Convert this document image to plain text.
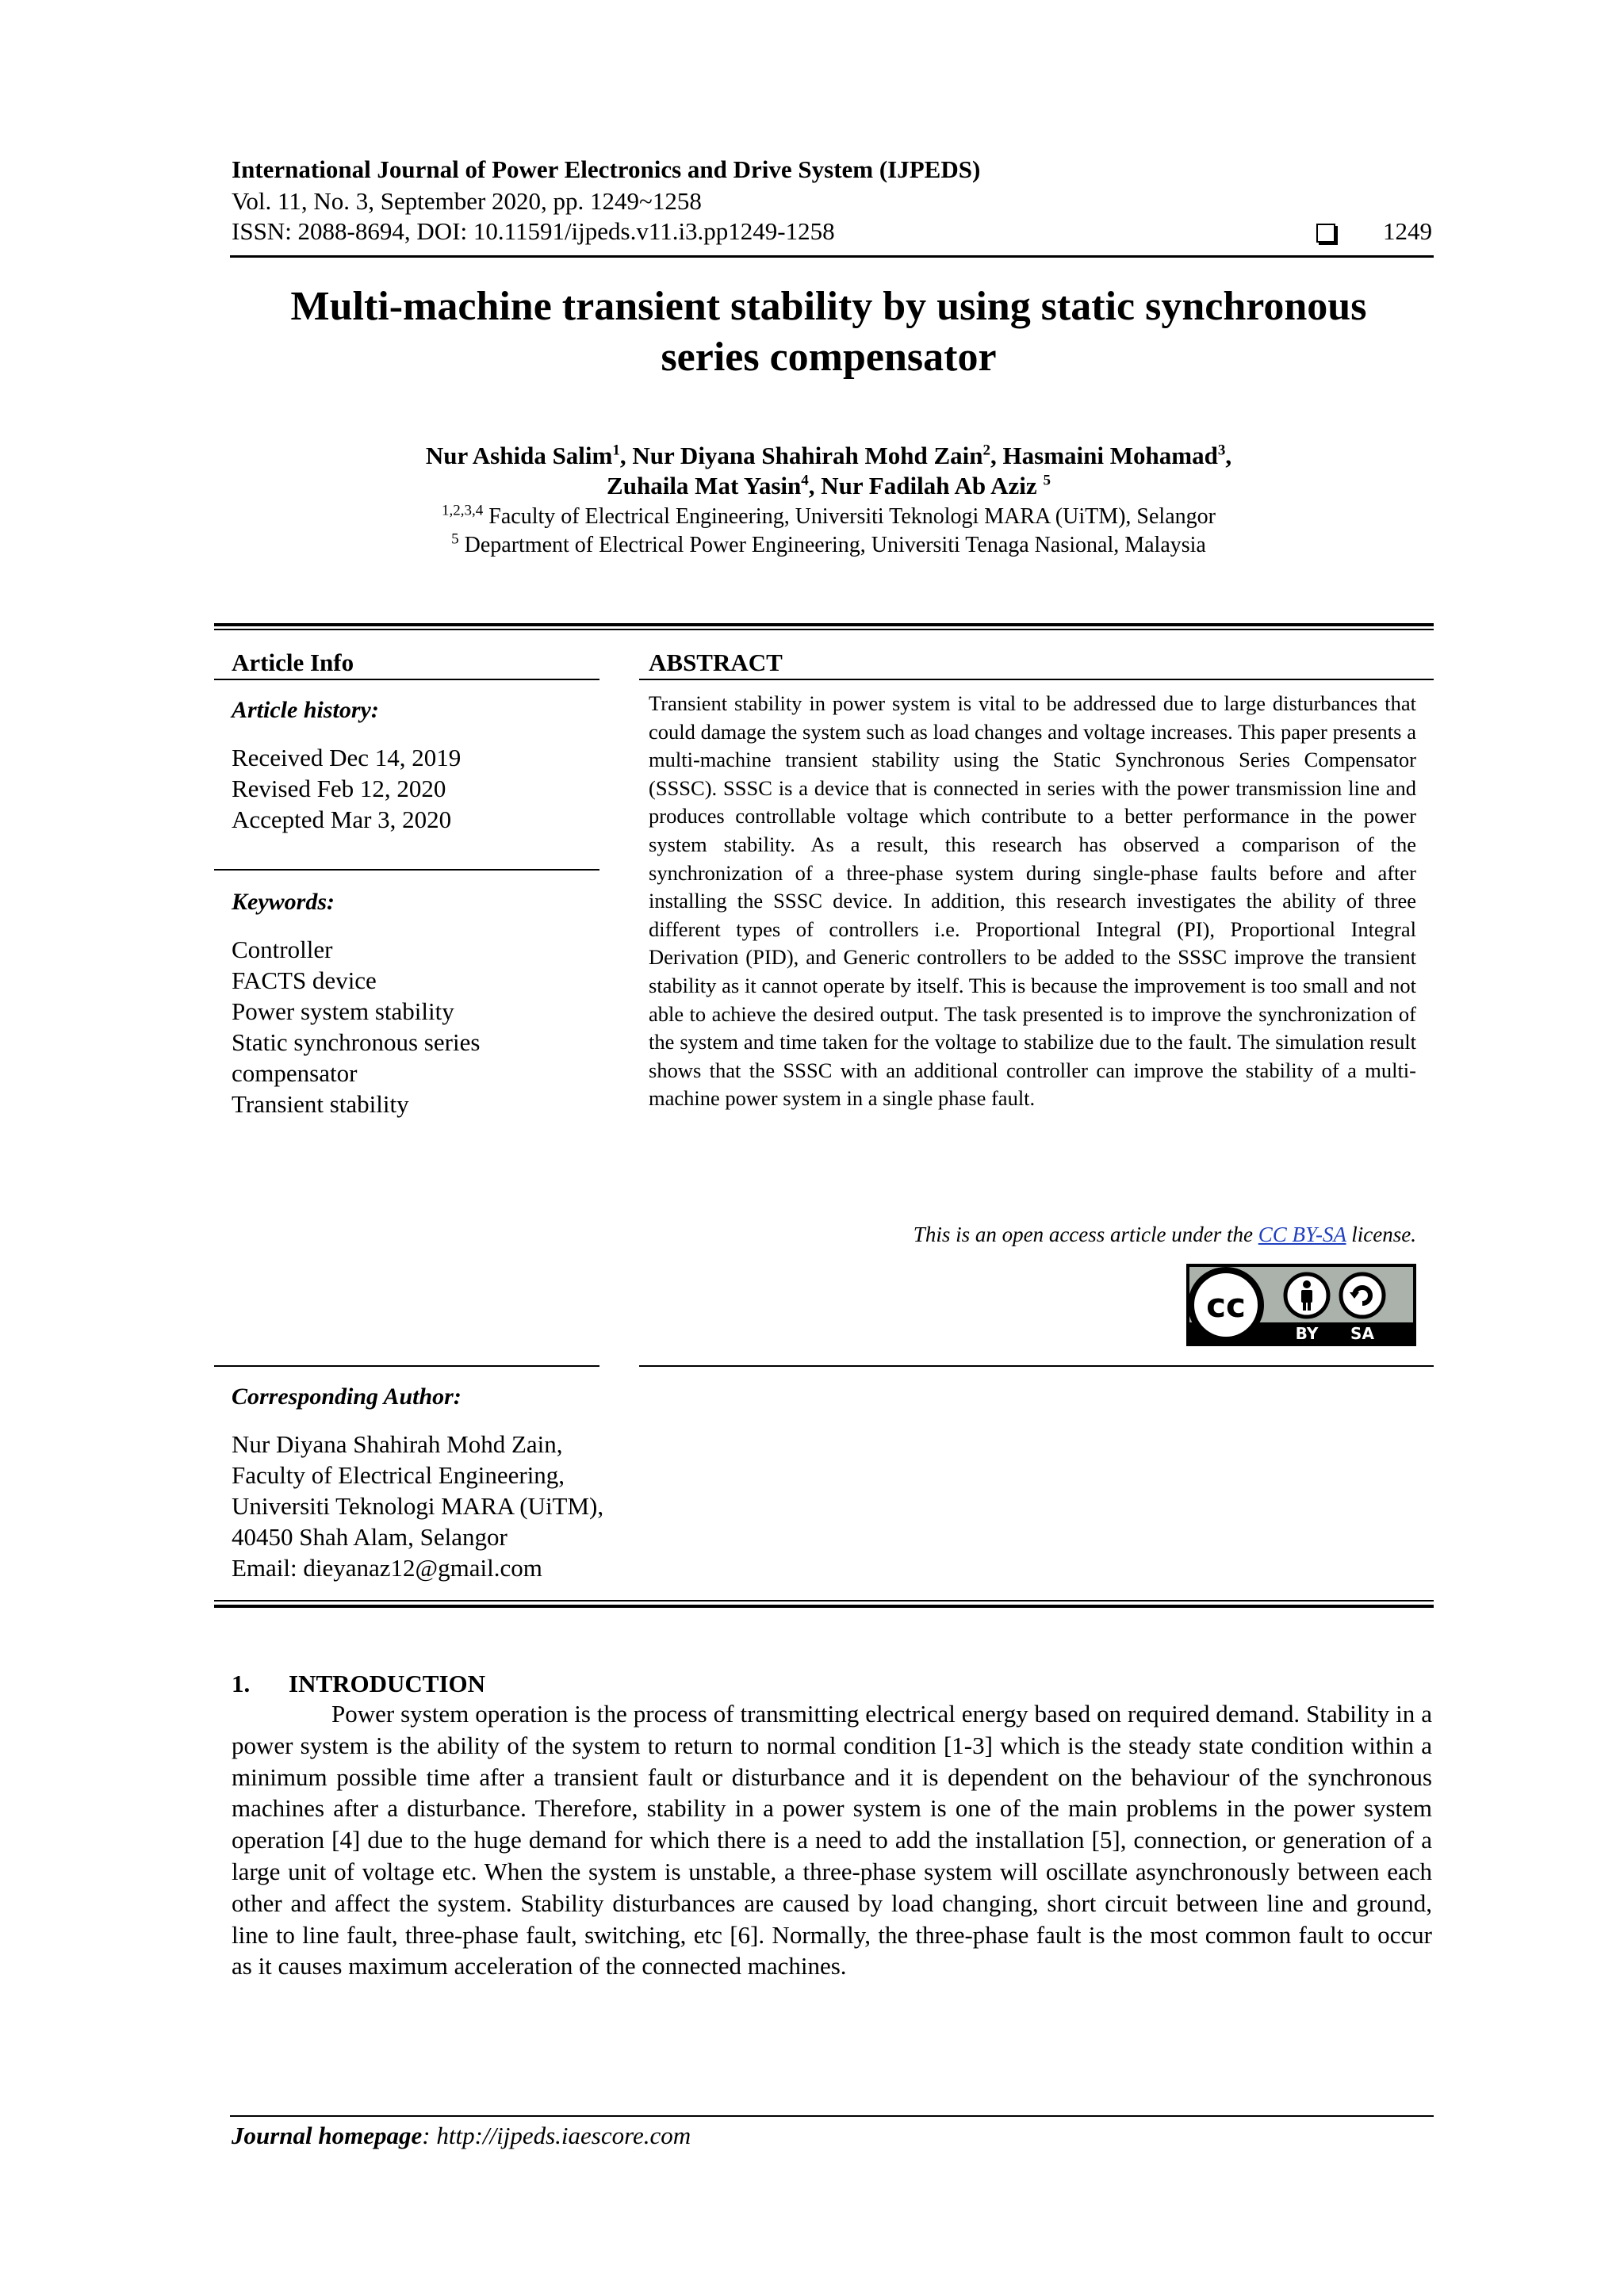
International Journal of Power Electronics and Drive System (IJPEDS)
Vol. 11, No. 3, September 2020, pp. 1249~1258
ISSN: 2088-8694, DOI: 10.11591/ijpeds.v11.i3.pp1249-1258	1249
Multi-machine transient stability by using static synchronous
series compensator
Nur Ashida Salim$^1$, Nur Diyana Shahirah Mohd Zain$^2$, Hasmaini Mohamad$^3$,
Zuhaila Mat Yasin$^4$, Nur Fadilah Ab Aziz $^5$
$^{1,2,3,4}$ Faculty of Electrical Engineering, Universiti Teknologi MARA (UiTM), Selangor
$^5$ Department of Electrical Power Engineering, Universiti Tenaga Nasional, Malaysia
Article Info
Article history:
Received Dec 14, 2019
Revised Feb 12, 2020
Accepted Mar 3, 2020
Keywords:
Controller
FACTS device
Power system stability
Static synchronous series
compensator
Transient stability
ABSTRACT
Transient stability in power system is vital to be addressed due to large disturbances that could damage the system such as load changes and voltage increases. This paper presents a multi-machine transient stability using the Static Synchronous Series Compensator (SSSC). SSSC is a device that is connected in series with the power transmission line and produces controllable voltage which contribute to a better performance in the power system stability. As a result, this research has observed a comparison of the synchronization of a three-phase system during single-phase faults before and after installing the SSSC device. In addition, this research investigates the ability of three different types of controllers i.e. Proportional Integral (PI), Proportional Integral Derivation (PID), and Generic controllers to be added to the SSSC improve the transient stability as it cannot operate by itself. This is because the improvement is too small and not able to achieve the desired output. The task presented is to improve the synchronization of the system and time taken for the voltage to stabilize due to the fault. The simulation result shows that the SSSC with an additional controller can improve the stability of a multi-machine power system in a single phase fault.
This is an open access article under the CC BY-SA license.
cc
BY SA
Corresponding Author:
Nur Diyana Shahirah Mohd Zain,
Faculty of Electrical Engineering,
Universiti Teknologi MARA (UiTM),
40450 Shah Alam, Selangor
Email: dieyanaz12@gmail.com
1. INTRODUCTION
Power system operation is the process of transmitting electrical energy based on required demand. Stability in a power system is the ability of the system to return to normal condition [1-3] which is the steady state condition within a minimum possible time after a transient fault or disturbance and it is dependent on the behaviour of the synchronous machines after a disturbance. Therefore, stability in a power system is one of the main problems in the power system operation [4] due to the huge demand for which there is a need to add the installation [5], connection, or generation of a large unit of voltage etc. When the system is unstable, a three-phase system will oscillate asynchronously between each other and affect the system. Stability disturbances are caused by load changing, short circuit between line and ground, line to line fault, three-phase fault, switching, etc [6]. Normally, the three-phase fault is the most common fault to occur as it causes maximum acceleration of the connected machines.
Journal homepage: http://ijpeds.iaescore.com
